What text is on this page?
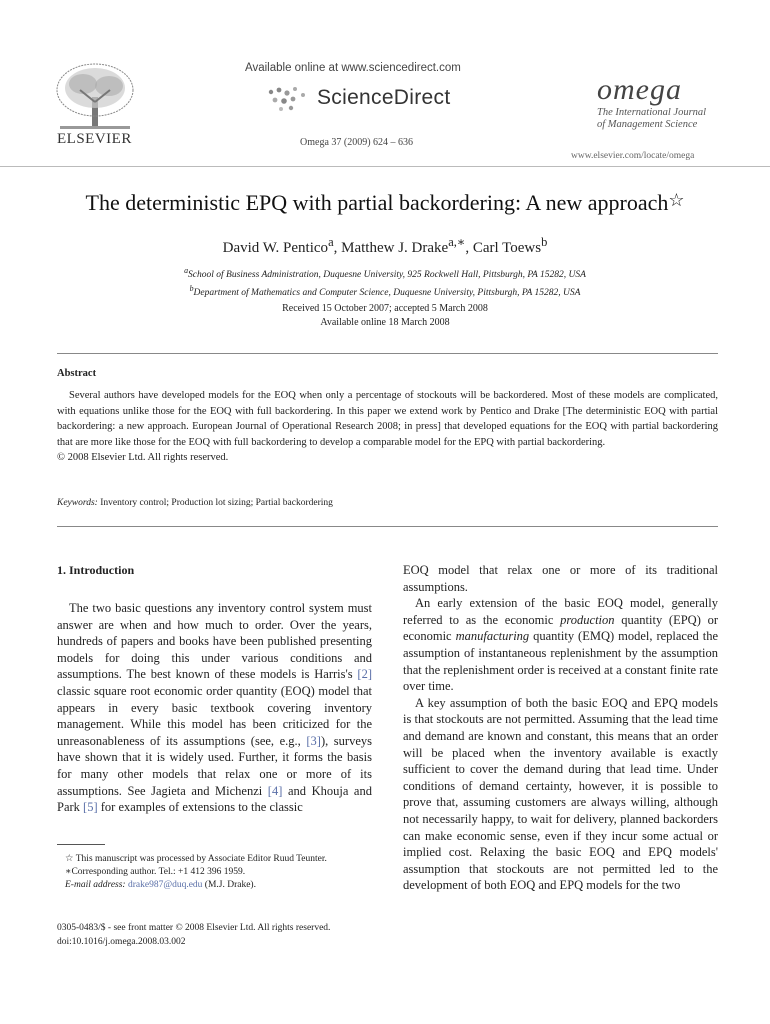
ELSEVIER
Available online at www.sciencedirect.com
ScienceDirect
Omega 37 (2009) 624 – 636
omega
The International Journal
of Management Science
www.elsevier.com/locate/omega
The deterministic EPQ with partial backordering: A new approach☆
David W. Pentico$^a$, Matthew J. Drake$^{a,∗}$, Carl Toews$^b$
$^a$School of Business Administration, Duquesne University, 925 Rockwell Hall, Pittsburgh, PA 15282, USA
$^b$Department of Mathematics and Computer Science, Duquesne University, Pittsburgh, PA 15282, USA
Received 15 October 2007; accepted 5 March 2008
Available online 18 March 2008
Abstract

Several authors have developed models for the EOQ when only a percentage of stockouts will be backordered. Most of these models are complicated, with equations unlike those for the EOQ with full backordering. In this paper we extend work by Pentico and Drake [The deterministic EOQ with partial backordering: a new approach. European Journal of Operational Research 2008; in press] that developed equations for the EOQ with partial backordering that are more like those for the EOQ with full backordering to develop a comparable model for the EPQ with partial backordering.

© 2008 Elsevier Ltd. All rights reserved.
Keywords: Inventory control; Production lot sizing; Partial backordering
1. Introduction

The two basic questions any inventory control system must answer are when and how much to order. Over the years, hundreds of papers and books have been published presenting models for doing this under various conditions and assumptions. The best known of these models is Harris's [2] classic square root economic order quantity (EOQ) model that appears in every basic textbook covering inventory management. While this model has been criticized for the unreasonableness of its assumptions (see, e.g., [3]), surveys have shown that it is widely used. Further, it forms the basis for many other models that relax one or more of its assumptions. See Jagieta and Michenzi [4] and Khouja and Park [5] for examples of extensions to the classic

EOQ model that relax one or more of its traditional assumptions.

An early extension of the basic EOQ model, generally referred to as the economic production quantity (EPQ) or economic manufacturing quantity (EMQ) model, replaced the assumption of instantaneous replenishment by the assumption that the replenishment order is received at a constant finite rate over time.

A key assumption of both the basic EOQ and EPQ models is that stockouts are not permitted. Assuming that the lead time and demand are known and constant, this means that an order will be placed when the inventory available is exactly sufficient to cover the demand during that lead time. Under conditions of demand certainty, however, it is possible to prove that, assuming customers are always willing, although not necessarily happy, to wait for delivery, planned backorders can make economic sense, even if they incur some actual or implied cost. Relaxing the basic EOQ and EPQ models' assumption that stockouts are not permitted led to the development of both EOQ and EPQ models for the two

☆ This manuscript was processed by Associate Editor Ruud Teunter.

∗Corresponding author. Tel.: +1 412 396 1959.

E-mail address: drake987@duq.edu (M.J. Drake).

0305-0483/$ - see front matter © 2008 Elsevier Ltd. All rights reserved.
doi:10.1016/j.omega.2008.03.002
